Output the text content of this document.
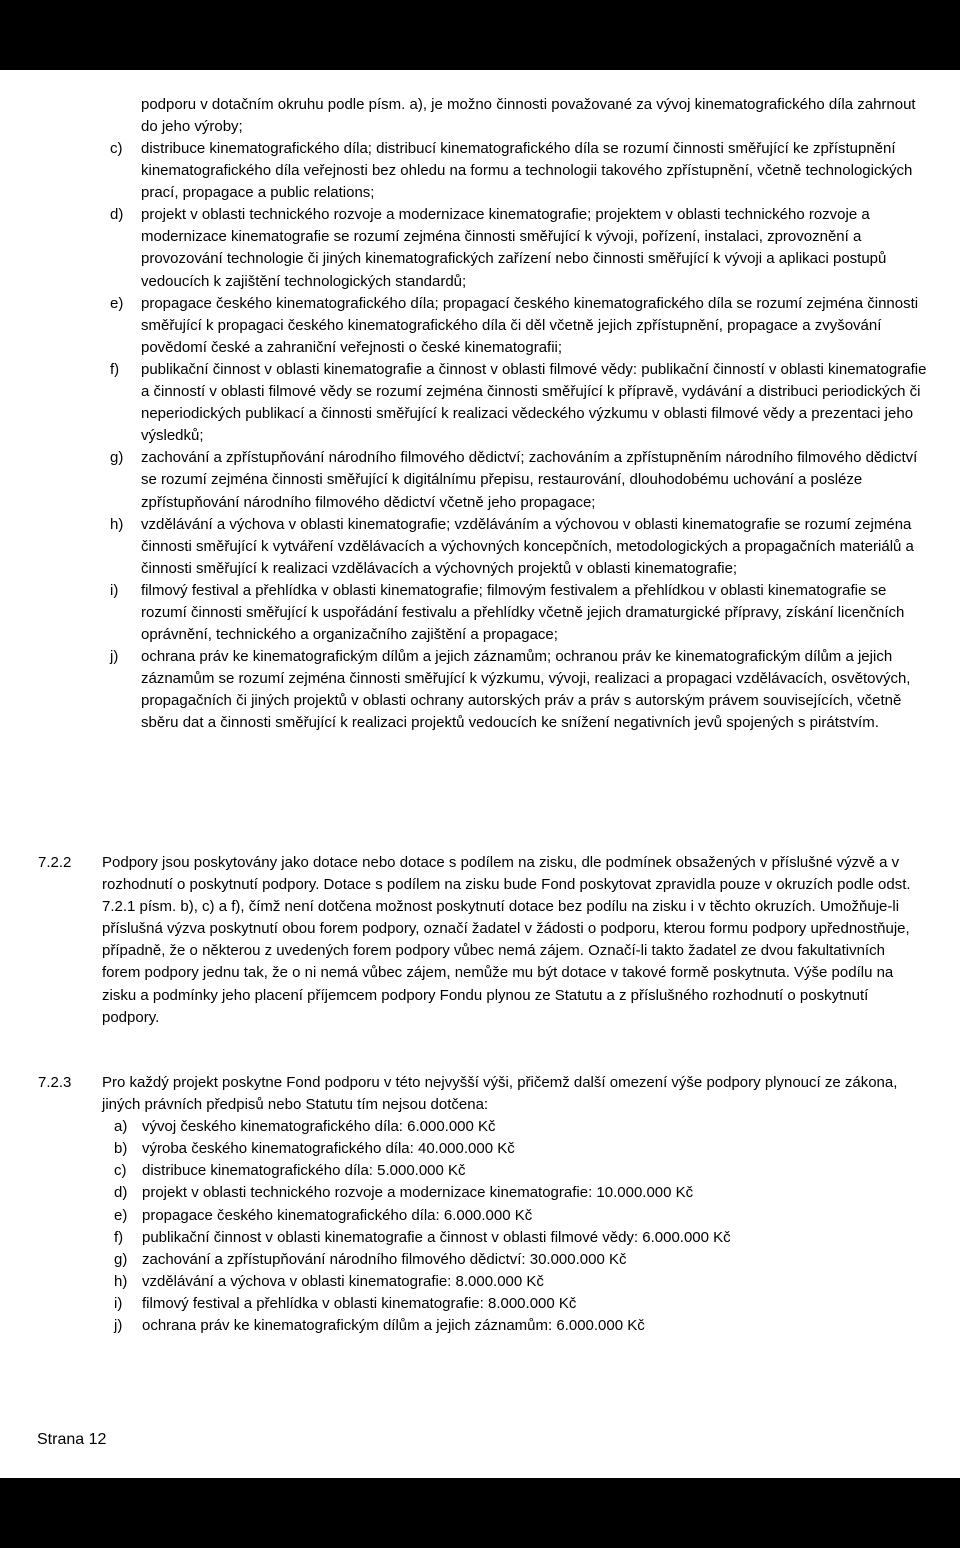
podporu v dotačním okruhu podle písm. a), je možno činnosti považované za vývoj kinematografického díla zahrnout do jeho výroby;
c) distribuce kinematografického díla; distribucí kinematografického díla se rozumí činnosti směřující ke zpřístupnění kinematografického díla veřejnosti bez ohledu na formu a technologii takového zpřístupnění, včetně technologických prací, propagace a public relations;
d) projekt v oblasti technického rozvoje a modernizace kinematografie; projektem v oblasti technického rozvoje a modernizace kinematografie se rozumí zejména činnosti směřující k vývoji, pořízení, instalaci, zprovoznění a provozování technologie či jiných kinematografických zařízení nebo činnosti směřující k vývoji a aplikaci postupů vedoucích k zajištění technologických standardů;
e) propagace českého kinematografického díla; propagací českého kinematografického díla se rozumí zejména činnosti směřující k propagaci českého kinematografického díla či děl včetně jejich zpřístupnění, propagace a zvyšování povědomí české a zahraniční veřejnosti o české kinematografii;
f) publikační činnost v oblasti kinematografie a činnost v oblasti filmové vědy: publikační činností v oblasti kinematografie a činností v oblasti filmové vědy se rozumí zejména činnosti směřující k přípravě, vydávání a distribuci periodických či neperiodických publikací a činnosti směřující k realizaci vědeckého výzkumu v oblasti filmové vědy a prezentaci jeho výsledků;
g) zachování a zpřístupňování národního filmového dědictví; zachováním a zpřístupněním národního filmového dědictví se rozumí zejména činnosti směřující k digitálnímu přepisu, restaurování, dlouhodobému uchování a posléze zpřístupňování národního filmového dědictví včetně jeho propagace;
h) vzdělávání a výchova v oblasti kinematografie; vzděláváním a výchovou v oblasti kinematografie se rozumí zejména činnosti směřující k vytváření vzdělávacích a výchovných koncepčních, metodologických a propagačních materiálů a činnosti směřující k realizaci vzdělávacích a výchovných projektů v oblasti kinematografie;
i) filmový festival a přehlídka v oblasti kinematografie; filmovým festivalem a přehlídkou v oblasti kinematografie se rozumí činnosti směřující k uspořádání festivalu a přehlídky včetně jejich dramaturgické přípravy, získání licenčních oprávnění, technického a organizačního zajištění a propagace;
j) ochrana práv ke kinematografickým dílům a jejich záznamům; ochranou práv ke kinematografickým dílům a jejich záznamům se rozumí zejména činnosti směřující k výzkumu, vývoji, realizaci a propagaci vzdělávacích, osvětových, propagačních či jiných projektů v oblasti ochrany autorských práv a práv s autorským právem souvisejících, včetně sběru dat a činnosti směřující k realizaci projektů vedoucích ke snížení negativních jevů spojených s pirátstvím.
7.2.2	Podpory jsou poskytovány jako dotace nebo dotace s podílem na zisku, dle podmínek obsažených v příslušné výzvě a v rozhodnutí o poskytnutí podpory. Dotace s podílem na zisku bude Fond poskytovat zpravidla pouze v okruzích podle odst. 7.2.1 písm. b), c) a f), čímž není dotčena možnost poskytnutí dotace bez podílu na zisku i v těchto okruzích. Umožňuje-li příslušná výzva poskytnutí obou forem podpory, označí žadatel v žádosti o podporu, kterou formu podpory upřednostňuje, případně, že o některou z uvedených forem podpory vůbec nemá zájem. Označí-li takto žadatel ze dvou fakultativních forem podpory jednu tak, že o ni nemá vůbec zájem, nemůže mu být dotace v takové formě poskytnuta. Výše podílu na zisku a podmínky jeho placení příjemcem podpory Fondu plynou ze Statutu a z příslušného rozhodnutí o poskytnutí podpory.
7.2.3	Pro každý projekt poskytne Fond podporu v této nejvyšší výši, přičemž další omezení výše podpory plynoucí ze zákona, jiných právních předpisů nebo Statutu tím nejsou dotčena:
a) vývoj českého kinematografického díla: 6.000.000 Kč
b) výroba českého kinematografického díla: 40.000.000 Kč
c) distribuce kinematografického díla: 5.000.000 Kč
d) projekt v oblasti technického rozvoje a modernizace kinematografie: 10.000.000 Kč
e) propagace českého kinematografického díla: 6.000.000 Kč
f) publikační činnost v oblasti kinematografie a činnost v oblasti filmové vědy: 6.000.000 Kč
g) zachování a zpřístupňování národního filmového dědictví: 30.000.000 Kč
h) vzdělávání a výchova v oblasti kinematografie: 8.000.000 Kč
i) filmový festival a přehlídka v oblasti kinematografie: 8.000.000 Kč
j) ochrana práv ke kinematografickým dílům a jejich záznamům: 6.000.000 Kč
Strana 12
